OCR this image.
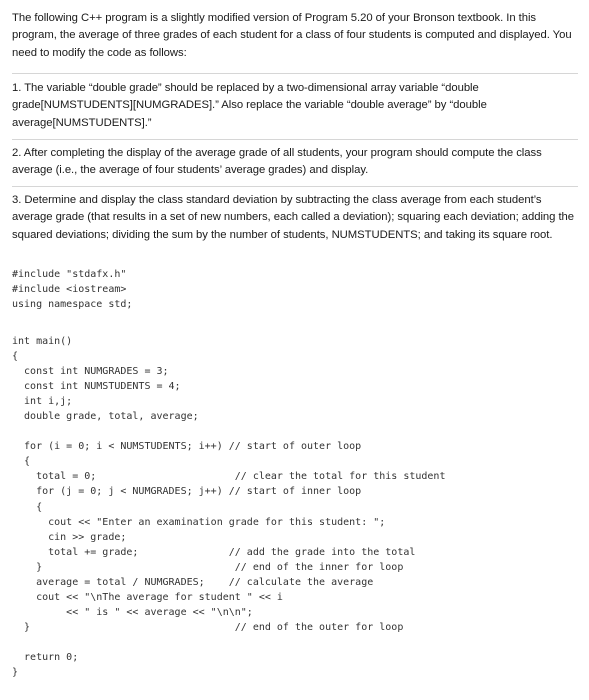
The following C++ program is a slightly modified version of Program 5.20 of your Bronson textbook. In this program, the average of three grades of each student for a class of four students is computed and displayed. You need to modify the code as follows:
1. The variable “double grade” should be replaced by a two-dimensional array variable “double grade[NUMSTUDENTS][NUMGRADES].” Also replace the variable “double average” by “double average[NUMSTUDENTS].”
2. After completing the display of the average grade of all students, your program should compute the class average (i.e., the average of four students’ average grades) and display.
3. Determine and display the class standard deviation by subtracting the class average from each student’s average grade (that results in a set of new numbers, each called a deviation); squaring each deviation; adding the squared deviations; dividing the sum by the number of students, NUMSTUDENTS; and taking its square root.
#include "stdafx.h"
#include <iostream>
using namespace std;
int main()
{
const int NUMGRADES = 3;
const int NUMSTUDENTS = 4;
int i,j;
double grade, total, average;

for (i = 0; i < NUMSTUDENTS; i++) // start of outer loop
{
total = 0;                       // clear the total for this student
for (j = 0; j < NUMGRADES; j++) // start of inner loop
{
cout << "Enter an examination grade for this student: ";
cin >> grade;
total += grade;               // add the grade into the total
}                                // end of the inner for loop
average = total / NUMGRADES;    // calculate the average
cout << "\nThe average for student " << i
<< " is " << average << "\n\n";
}                                  // end of the outer for loop

return 0;
}
